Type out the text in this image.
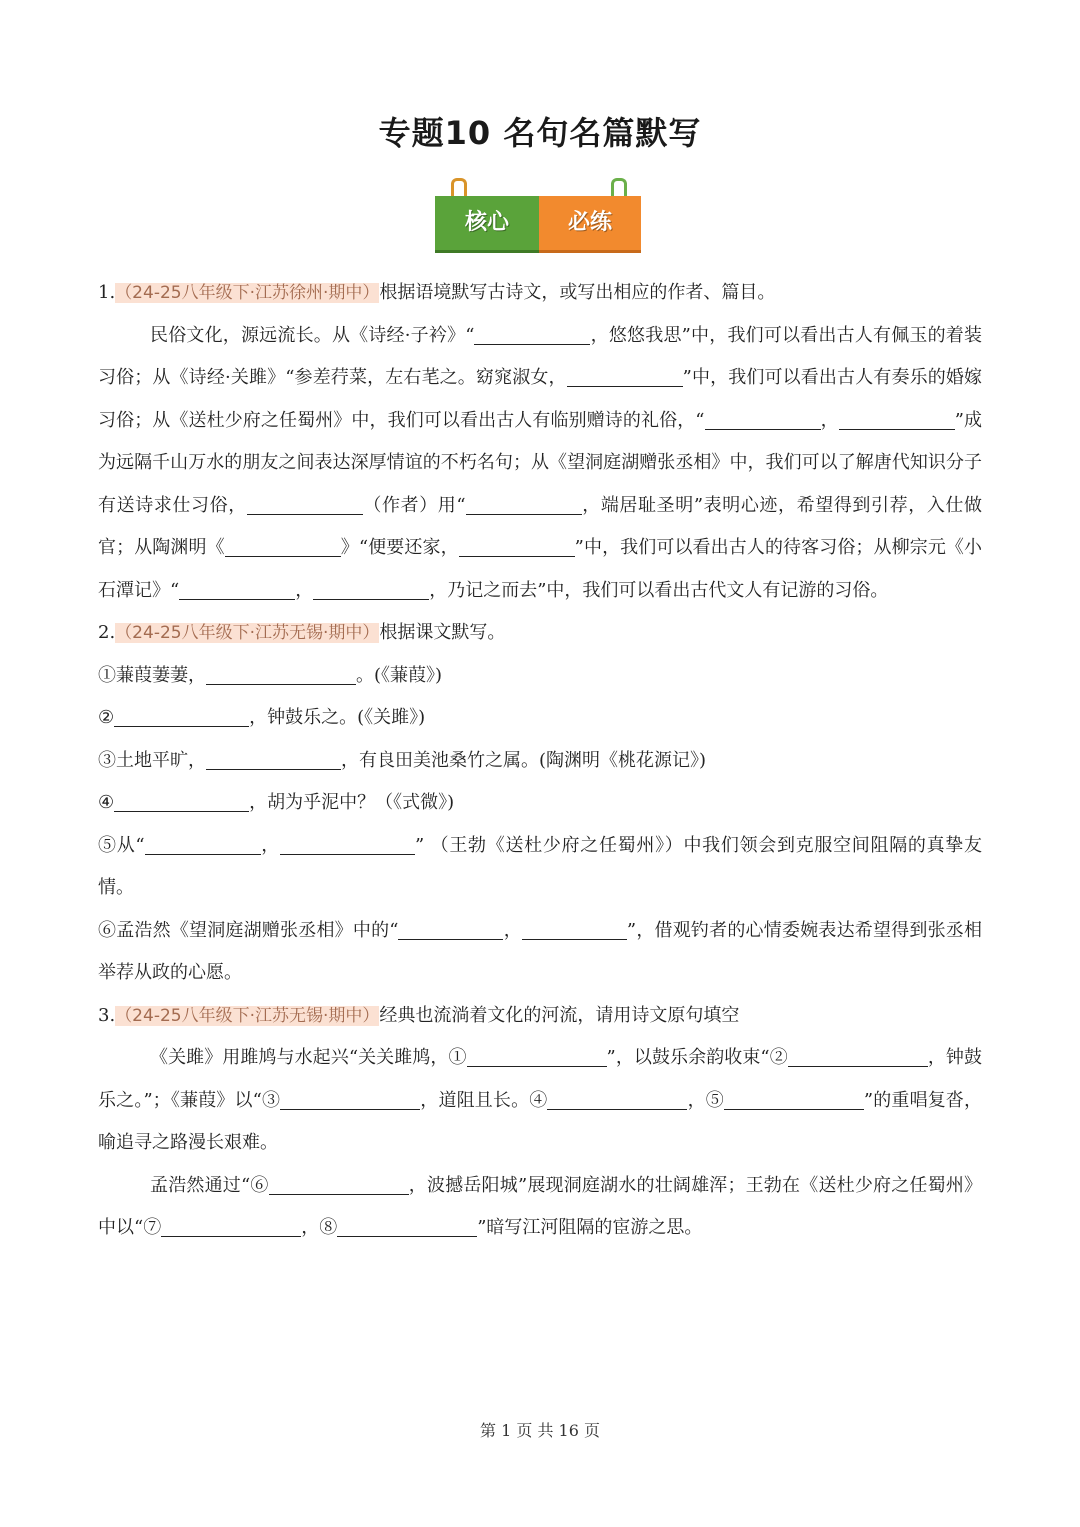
专题10 名句名篇默写
核心	必练

1.（24-25八年级下·江苏徐州·期中）根据语境默写古诗文，或写出相应的作者、篇目。

民俗文化，源远流长。从《诗经·子衿》“	，悠悠我思”中，我们可以看出古人有佩玉的着装习俗；从《诗经·关雎》“参差荇菜，左右芼之。窈窕淑女，	”中，我们可以看出古人有奏乐的婚嫁习俗；从《送杜少府之任蜀州》中，我们可以看出古人有临别赠诗的礼俗，“	，	”成为远隔千山万水的朋友之间表达深厚情谊的不朽名句；从《望洞庭湖赠张丞相》中，我们可以了解唐代知识分子有送诗求仕习俗，	（作者）用“	，端居耻圣明”表明心迹，希望得到引荐，入仕做官；从陶渊明《	》“便要还家，	”中，我们可以看出古人的待客习俗；从柳宗元《小石潭记》“	，	，乃记之而去”中，我们可以看出古代文人有记游的习俗。

2.（24-25八年级下·江苏无锡·期中）根据课文默写。

①蒹葭萋萋，	。(《蒹葭》)

②	，钟鼓乐之。(《关雎》)

③土地平旷，	，有良田美池桑竹之属。(陶渊明《桃花源记》)

④	，胡为乎泥中？（《式微》)

⑤从“	，	” （王勃《送杜少府之任蜀州》）中我们领会到克服空间阻隔的真挚友情。

⑥孟浩然《望洞庭湖赠张丞相》中的“	，	”，借观钓者的心情委婉表达希望得到张丞相举荐从政的心愿。

3.（24-25八年级下·江苏无锡·期中）经典也流淌着文化的河流，请用诗文原句填空

《关雎》用雎鸠与水起兴“关关雎鸠，①	”，以鼓乐余韵收束“②	，钟鼓乐之。”；《蒹葭》以“③	，道阻且长。④	，⑤	”的重唱复沓，喻追寻之路漫长艰难。

孟浩然通过“⑥	，波撼岳阳城”展现洞庭湖水的壮阔雄浑；王勃在《送杜少府之任蜀州》中以“⑦	，⑧	”暗写江河阻隔的宦游之思。

第 1 页 共 16 页
